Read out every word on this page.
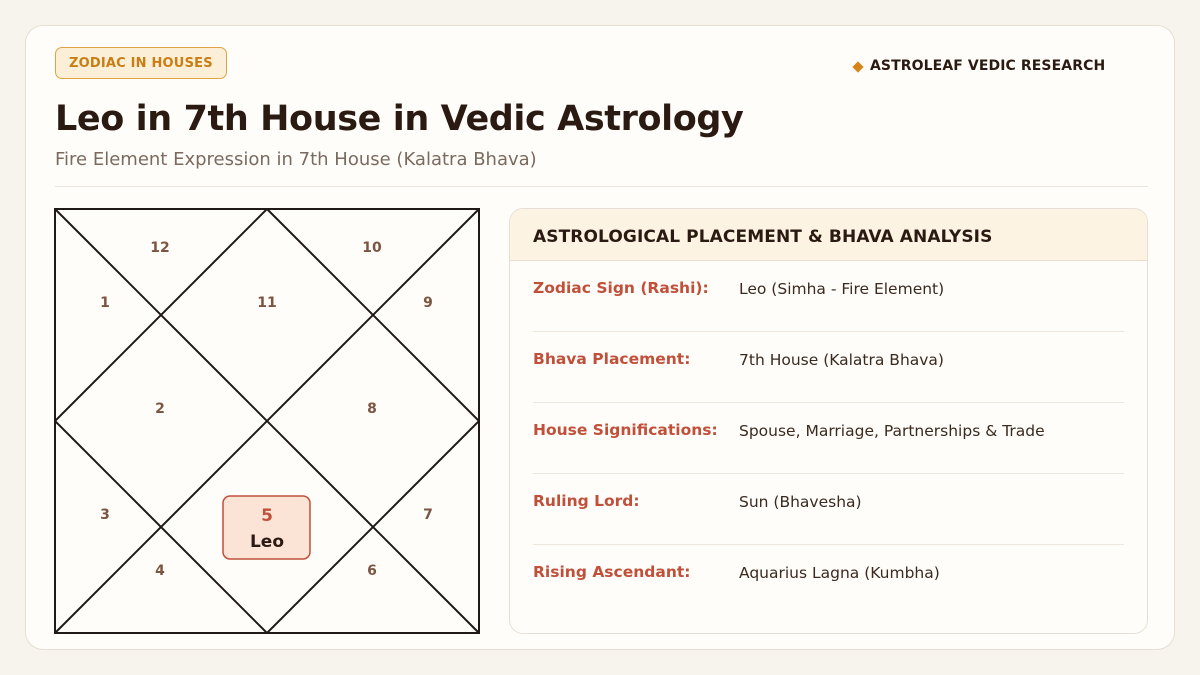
ZODIAC IN HOUSES	ASTROLEAF VEDIC RESEARCH
Leo in 7th House in Vedic Astrology
Fire Element Expression in 7th House (Kalatra Bhava)
12
1	11
10
9
2	8
3
4	6
7
5
Leo
ASTROLOGICAL PLACEMENT & BHAVA ANALYSIS
Zodiac Sign (Rashi): Leo (Simha - Fire Element)
Bhava Placement:	7th House (Kalatra Bhava)
House Significations: Spouse, Marriage, Partnerships & Trade
Ruling Lord:	Sun (Bhavesha)
Rising Ascendant:	Aquarius Lagna (Kumbha)
